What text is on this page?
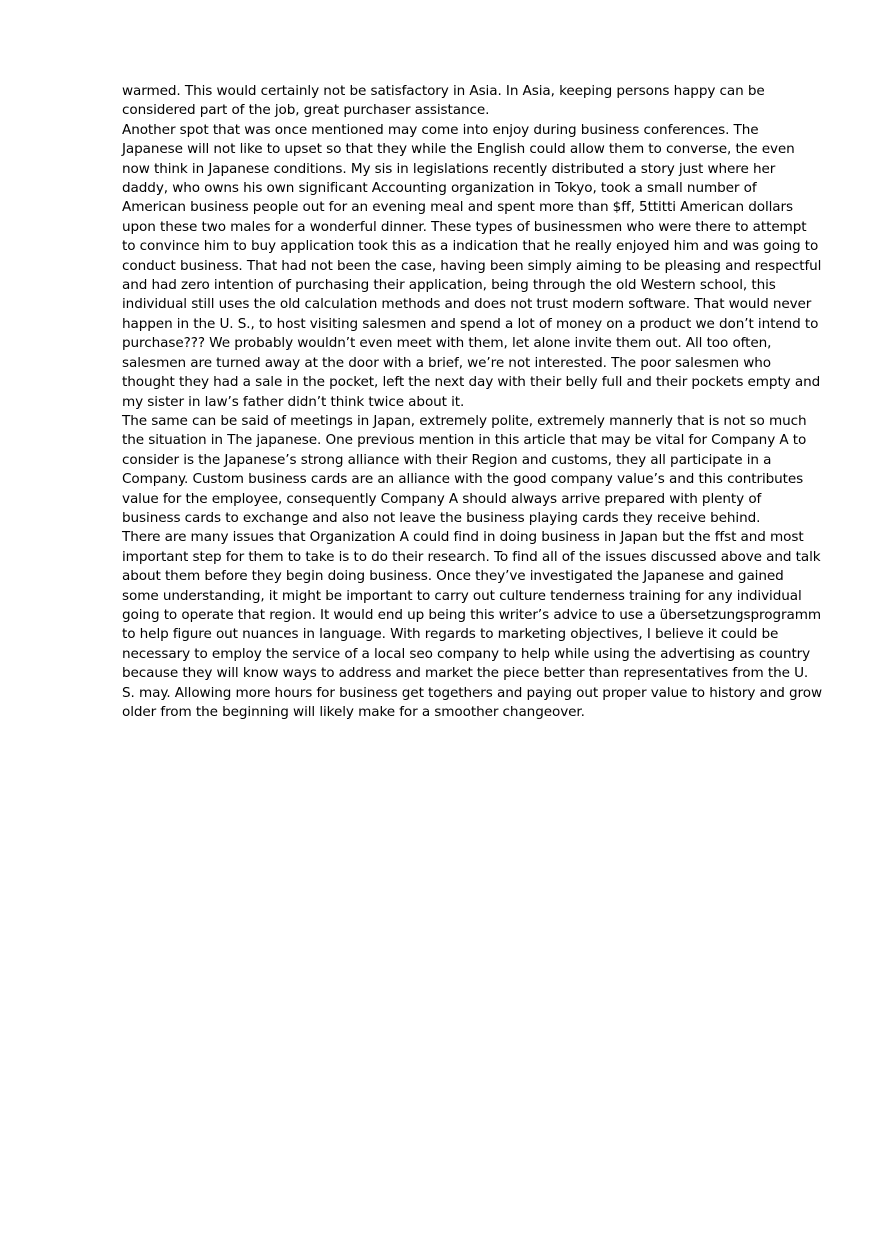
warmed. This would certainly not be satisfactory in Asia. In Asia, keeping persons happy can be considered part of the job, great purchaser assistance.

Another spot that was once mentioned may come into enjoy during business conferences. The Japanese will not like to upset so that they while the English could allow them to converse, the even now think in Japanese conditions. My sis in legislations recently distributed a story just where her daddy, who owns his own significant Accounting organization in Tokyo, took a small number of American business people out for an evening meal and spent more than $ff, 5ttitti American dollars upon these two males for a wonderful dinner. These types of businessmen who were there to attempt to convince him to buy application took this as a indication that he really enjoyed him and was going to conduct business. That had not been the case, having been simply aiming to be pleasing and respectful and had zero intention of purchasing their application, being through the old Western school, this individual still uses the old calculation methods and does not trust modern software. That would never happen in the U. S., to host visiting salesmen and spend a lot of money on a product we don’t intend to purchase??? We probably wouldn’t even meet with them, let alone invite them out. All too often, salesmen are turned away at the door with a brief, we’re not interested. The poor salesmen who thought they had a sale in the pocket, left the next day with their belly full and their pockets empty and my sister in law’s father didn’t think twice about it.

The same can be said of meetings in Japan, extremely polite, extremely mannerly that is not so much the situation in The japanese. One previous mention in this article that may be vital for Company A to consider is the Japanese’s strong alliance with their Region and customs, they all participate in a Company. Custom business cards are an alliance with the good company value’s and this contributes value for the employee, consequently Company A should always arrive prepared with plenty of business cards to exchange and also not leave the business playing cards they receive behind.

There are many issues that Organization A could find in doing business in Japan but the ffst and most important step for them to take is to do their research. To find all of the issues discussed above and talk about them before they begin doing business. Once they’ve investigated the Japanese and gained some understanding, it might be important to carry out culture tenderness training for any individual going to operate that region. It would end up being this writer’s advice to use a übersetzungsprogramm to help figure out nuances in language. With regards to marketing objectives, I believe it could be necessary to employ the service of a local seo company to help while using the advertising as country because they will know ways to address and market the piece better than representatives from the U. S. may. Allowing more hours for business get togethers and paying out proper value to history and grow older from the beginning will likely make for a smoother changeover.
